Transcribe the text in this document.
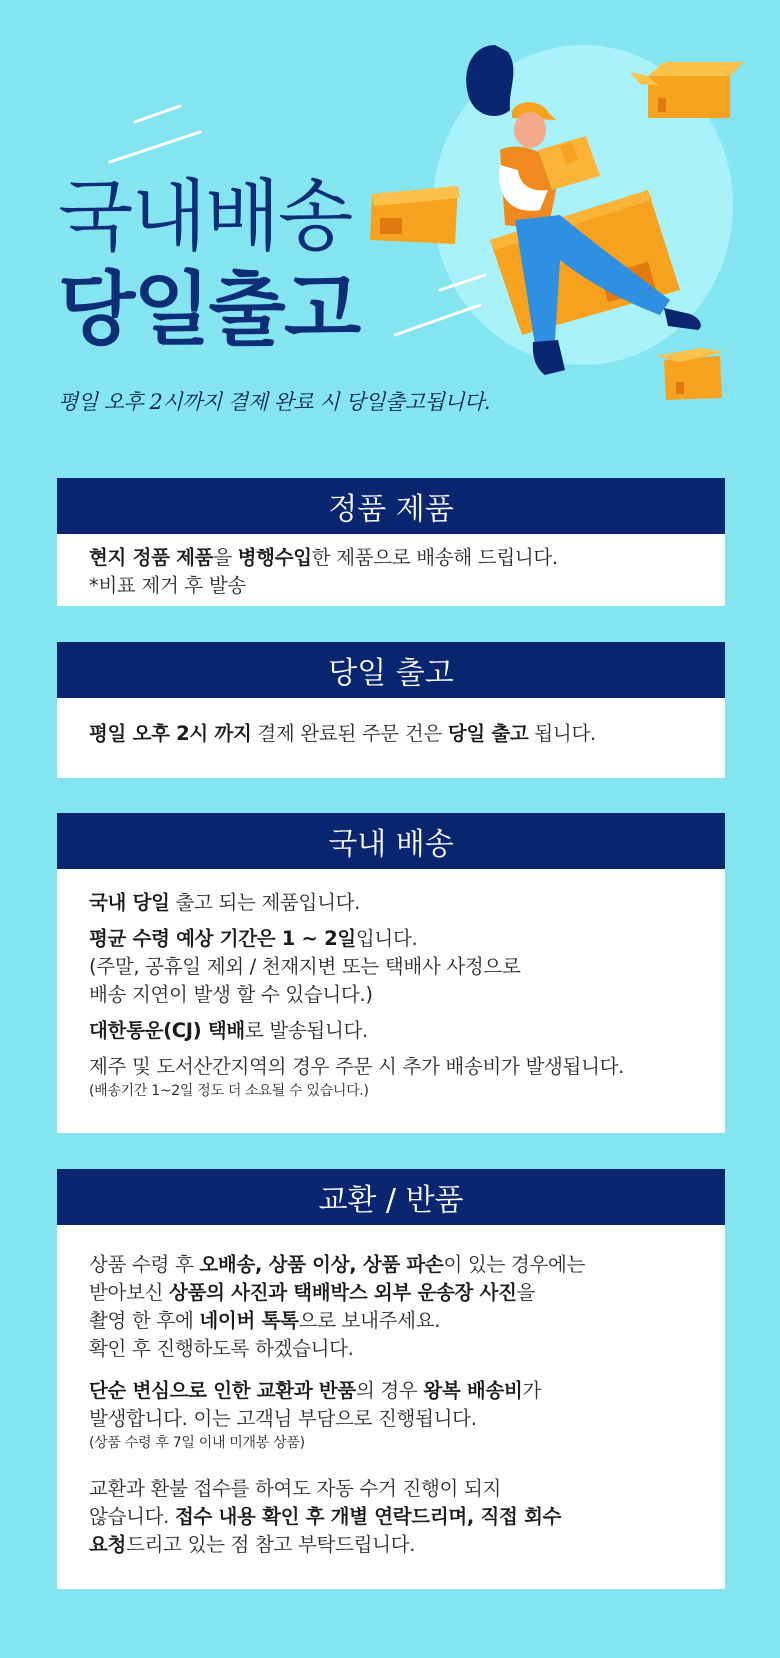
국내배송
당일출고
평일 오후 2시까지 결제 완료 시 당일출고됩니다.
정품 제품

현지 정품 제품을 병행수입한 제품으로 배송해 드립니다.

*비표 제거 후 발송

당일 출고

평일 오후 2시 까지 결제 완료된 주문 건은 당일 출고 됩니다.

국내 배송

국내 당일 출고 되는 제품입니다.

평균 수령 예상 기간은 1 ~ 2일입니다.

(주말, 공휴일 제외 / 천재지변 또는 택배사 사정으로

배송 지연이 발생 할 수 있습니다.)

대한통운(CJ) 택배로 발송됩니다.

제주 및 도서산간지역의 경우 주문 시 추가 배송비가 발생됩니다.

(배송기간 1~2일 정도 더 소요될 수 있습니다.)

교환 / 반품

상품 수령 후 오배송, 상품 이상, 상품 파손이 있는 경우에는

받아보신 상품의 사진과 택배박스 외부 운송장 사진을

촬영 한 후에 네이버 톡톡으로 보내주세요.

확인 후 진행하도록 하겠습니다.

단순 변심으로 인한 교환과 반품의 경우 왕복 배송비가

발생합니다. 이는 고객님 부담으로 진행됩니다.

(상품 수령 후 7일 이내 미개봉 상품)

교환과 환불 접수를 하여도 자동 수거 진행이 되지

않습니다. 접수 내용 확인 후 개별 연락드리며, 직접 회수

요청드리고 있는 점 참고 부탁드립니다.
